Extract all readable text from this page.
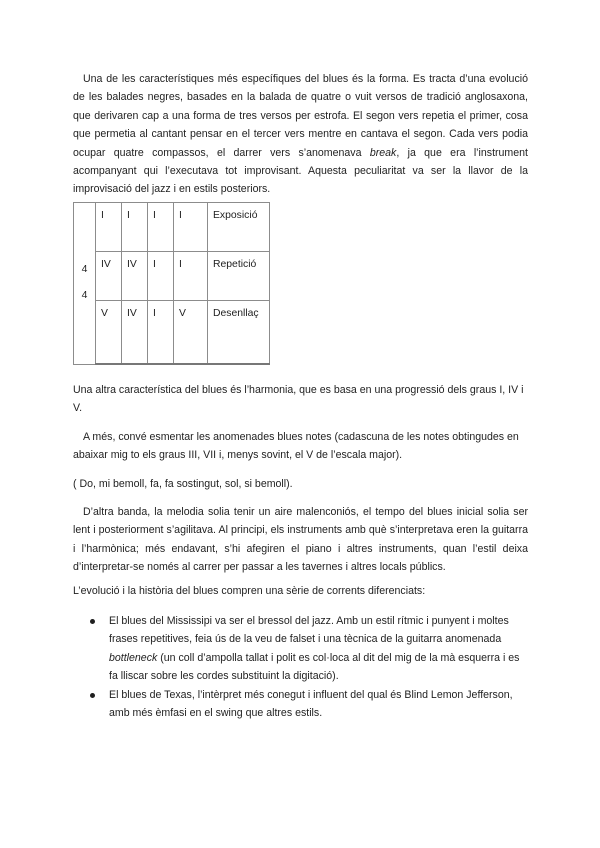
Una de les característiques més específiques del blues és la forma. Es tracta d’una evolució de les balades negres, basades en la balada de quatre o vuit versos de tradició anglosaxona, que derivaren cap a una forma de tres versos per estrofa. El segon vers repetia el primer, cosa que permetia al cantant pensar en el tercer vers mentre en cantava el segon. Cada vers podia ocupar quatre compassos, el darrer vers s’anomenava break, ja que era l’instrument acompanyant qui l’executava tot improvisant. Aquesta peculiaritat va ser la llavor de la improvisació del jazz i en estils posteriors.

4
4	I	I	I	I	Exposició
	IV	IV	I	I	Repetició
	V	IV	I	V	Desenllaç

Una altra característica del blues és l’harmonia, que es basa en una progressió dels graus I, IV i V.

A més, convé esmentar les anomenades blues notes (cadascuna de les notes obtingudes en abaixar mig to els graus III, VII i, menys sovint, el V de l’escala major).

( Do, mi bemoll, fa, fa sostingut, sol, si bemoll).

D’altra banda, la melodia solia tenir un aire malenconiós, el tempo del blues inicial solia ser lent i posteriorment s’agilitava. Al principi, els instruments amb què s’interpretava eren la guitarra i l’harmònica; més endavant, s’hi afegiren el piano i altres instruments, quan l’estil deixa d’interpretar-se només al carrer per passar a les tavernes i altres locals públics.

L’evolució i la història del blues compren una sèrie de corrents diferenciats:

El blues del Mississipi va ser el bressol del jazz. Amb un estil rítmic i punyent i moltes frases repetitives, feia ús de la veu de falset i una tècnica de la guitarra anomenada bottleneck (un coll d’ampolla tallat i polit es col·loca al dit del mig de la mà esquerra i es fa lliscar sobre les cordes substituint la digitació).
El blues de Texas, l’intèrpret més conegut i influent del qual és Blind Lemon Jefferson, amb més èmfasi en el swing que altres estils.
